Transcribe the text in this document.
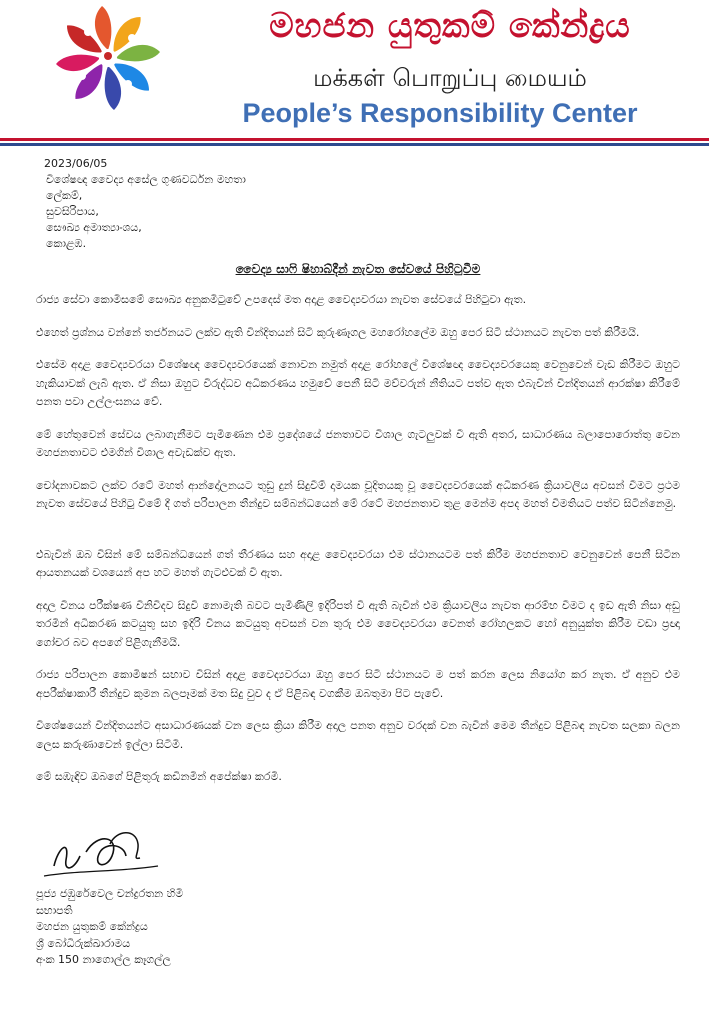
මහජන යුතුකම් කේන්ද්‍රය
மக்கள் பொறுப்பு மையம்
People’s Responsibility Center
2023/06/05
විශේෂඥ වෛද්‍ය අසේල ගුණවර්ධන මහතා
ලේකම්,
සුවසිරිපාය,
සෞඛ්‍ය අමාත්‍යාංශය,
කොළඹ.
වෛද්‍ය සාෆි ෂිහාබ්දීන් නැවත සේවයේ පිහිටුවීම

රාජ්‍ය සේවා කොමිසමේ සෞඛ්‍ය අනුකමිටුවේ උපදෙස් මත අදාළ වෛද්‍යවරයා නැවත සේවයේ පිහිටුවා ඇත.

එහෙත් ප්‍රශ්නය වන්නේ තර්ජනයට ලක්ව ඇති වින්දිතයන් සිටි කුරුණෑගල මහරෝහලේම ඔහු පෙර සිටි ස්ථානයට නැවත පත් කිරීමයි.

එසේම අදාළ වෛද්‍යවරයා විශේෂඥ වෛද්‍යවරයෙක් නොවන නමුත් අදාළ රෝහලේ විශේෂඥ වෛද්‍යවරයෙකු වෙනුවෙන් වැඩ කිරීමට ඔහුට හැකියාවක් ලැබී ඇත. ඒ නිසා ඔහුට විරුද්ධව අධිකරණය හමුවේ පෙනී සිටි මව්වරුන් නීතියට පත්ව ඇත එබැවින් වින්දිතයන් ආරක්ෂා කිරීමේ පනත පවා උල්ලංඝනය වේ.

මේ හේතුවෙන් සේවය ලබාගැනීමට පැමිණෙන එම ප්‍රදේශයේ ජනතාවට විශාල ගැටලුවක් වී ඇති අතර, සාධාරණය බලාපොරොත්තු වෙන මහජනතාවට එමගින් විශාල අවැඩක්ව ඇත.

චෝදනාවකට ලක්ව රටේ මහත් ආන්දෝලනයට තුඩු දුන් සිදුවීම් දාමයක චූදිතයකු වූ වෛද්‍යවරයෙක් අධිකරණ ක්‍රියාවලිය අවසන් වීමට ප්‍රථම නැවත සේවයේ පිහිටු වීමේ දී ගත් පරිපාලන තීන්දුව සම්බන්ධයෙන් මේ රටේ මහජනතාව තුළ මෙන්ම අපද මහත් විමතියට පත්ව සිටින්නෙමු.

එබැවින් ඔබ විසින් මේ සම්බන්ධයෙන් ගත් තීරණය සහ අදාළ වෛද්‍යවරයා එම ස්ථානයටම පත් කිරීම මහජනතාව වෙනුවෙන් පෙනී සිටින ආයතනයක් වශයෙන් අප හට මහත් ගැටළුවක් වී ඇත.

අදාල විනය පරීක්ෂණ විනිවිදව සිදුවී නොමැති බවට පැමිණිලි ඉදිරිපත් වී ඇති බැවින් එම ක්‍රියාවලිය නැවත ආරම්භ වීමට ද ඉඩ ඇති නිසා අඩු තරමින් අධිකරණ කටයුතු සහ ඉදිරි විනය කටයුතු අවසන් වන තුරු එම වෛද්‍යවරයා වෙනත් රෝහලකට හෝ අනුයුක්ත කිරීම වඩා ප්‍රඥා ගෝචර බව අපගේ පිළිගැනීමයි.

රාජ්‍ය පරිපාලන කොමිෂන් සභාව විසින් අදාළ වෛද්‍යවරයා ඔහු පෙර සිටි ස්ථානයට ම පත් කරන ලෙස නියෝග කර නැත. ඒ අනුව එම අපරීක්ෂාකාරී තීන්දුව කුමන බලපෑමක් මත සිදු වුව ද ඒ පිළිබඳ වගකීම ඔබතුමා පිට පැවේ.

විශේෂයෙන් වින්දිතයන්ට අසාධාරණයක් වන ලෙස ක්‍රියා කිරීම අදාල පනත අනුව වරදක් වන බැවින් මෙම තීන්දුව පිළිබඳ නැවත සලකා බලන ලෙස කරුණාවෙන් ඉල්ලා සිටිමි.

මේ සඹැඳිව ඔබගේ පිළිතුරු කඩිනමින් අපේක්ෂා කරමි.

පූජ්‍ය ජඹුරේවෙල චන්ද්‍රරතන හිමි
සභාපති
මහජන යුතුකම් කේන්ද්‍රය
ශ්‍රී බෝධිරුක්ඛාරාමය
අංක 150 නාගොල්ල කෑගල්ල
